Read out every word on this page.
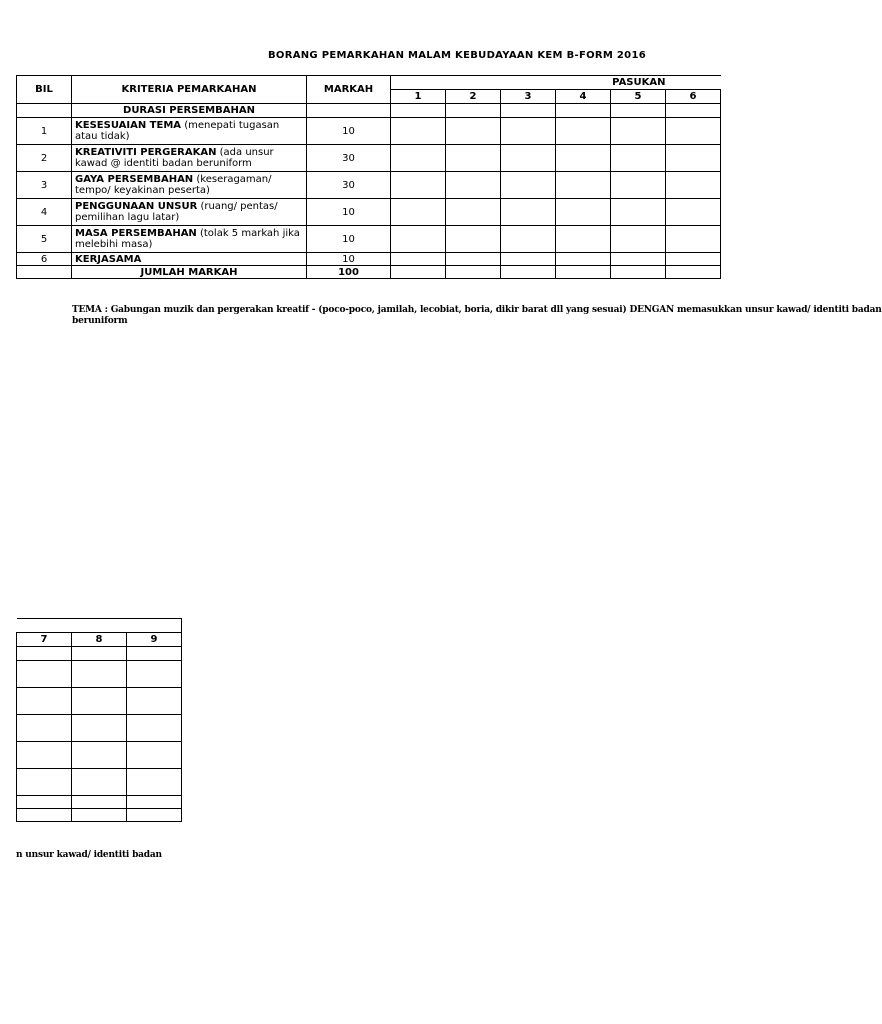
BORANG PEMARKAHAN MALAM KEBUDAYAAN KEM B-FORM 2016
BIL	KRITERIA PEMARKAHAN	MARKAH	PASUKAN					
			1	2	3	4	5	6
	DURASI PERSEMBAHAN							
1	KESESUAIAN TEMA (menepati tugasan atau tidak)	10						
2	KREATIVITI PERGERAKAN (ada unsur kawad @ identiti badan beruniform	30						
3	GAYA PERSEMBAHAN (keseragaman/ tempo/ keyakinan peserta)	30						
4	PENGGUNAAN UNSUR (ruang/ pentas/ pemilihan lagu latar)	10						
5	MASA PERSEMBAHAN (tolak 5 markah jika melebihi masa)	10						
6	KERJASAMA	10						
	JUMLAH MARKAH	100						
TEMA : Gabungan muzik dan pergerakan kreatif - (poco-poco, jamilah, lecobiat, boria, dikir barat dll yang sesuai) DENGAN memasukkan unsur kawad/ identiti badan
beruniform

7	8	9

n unsur kawad/ identiti badan
